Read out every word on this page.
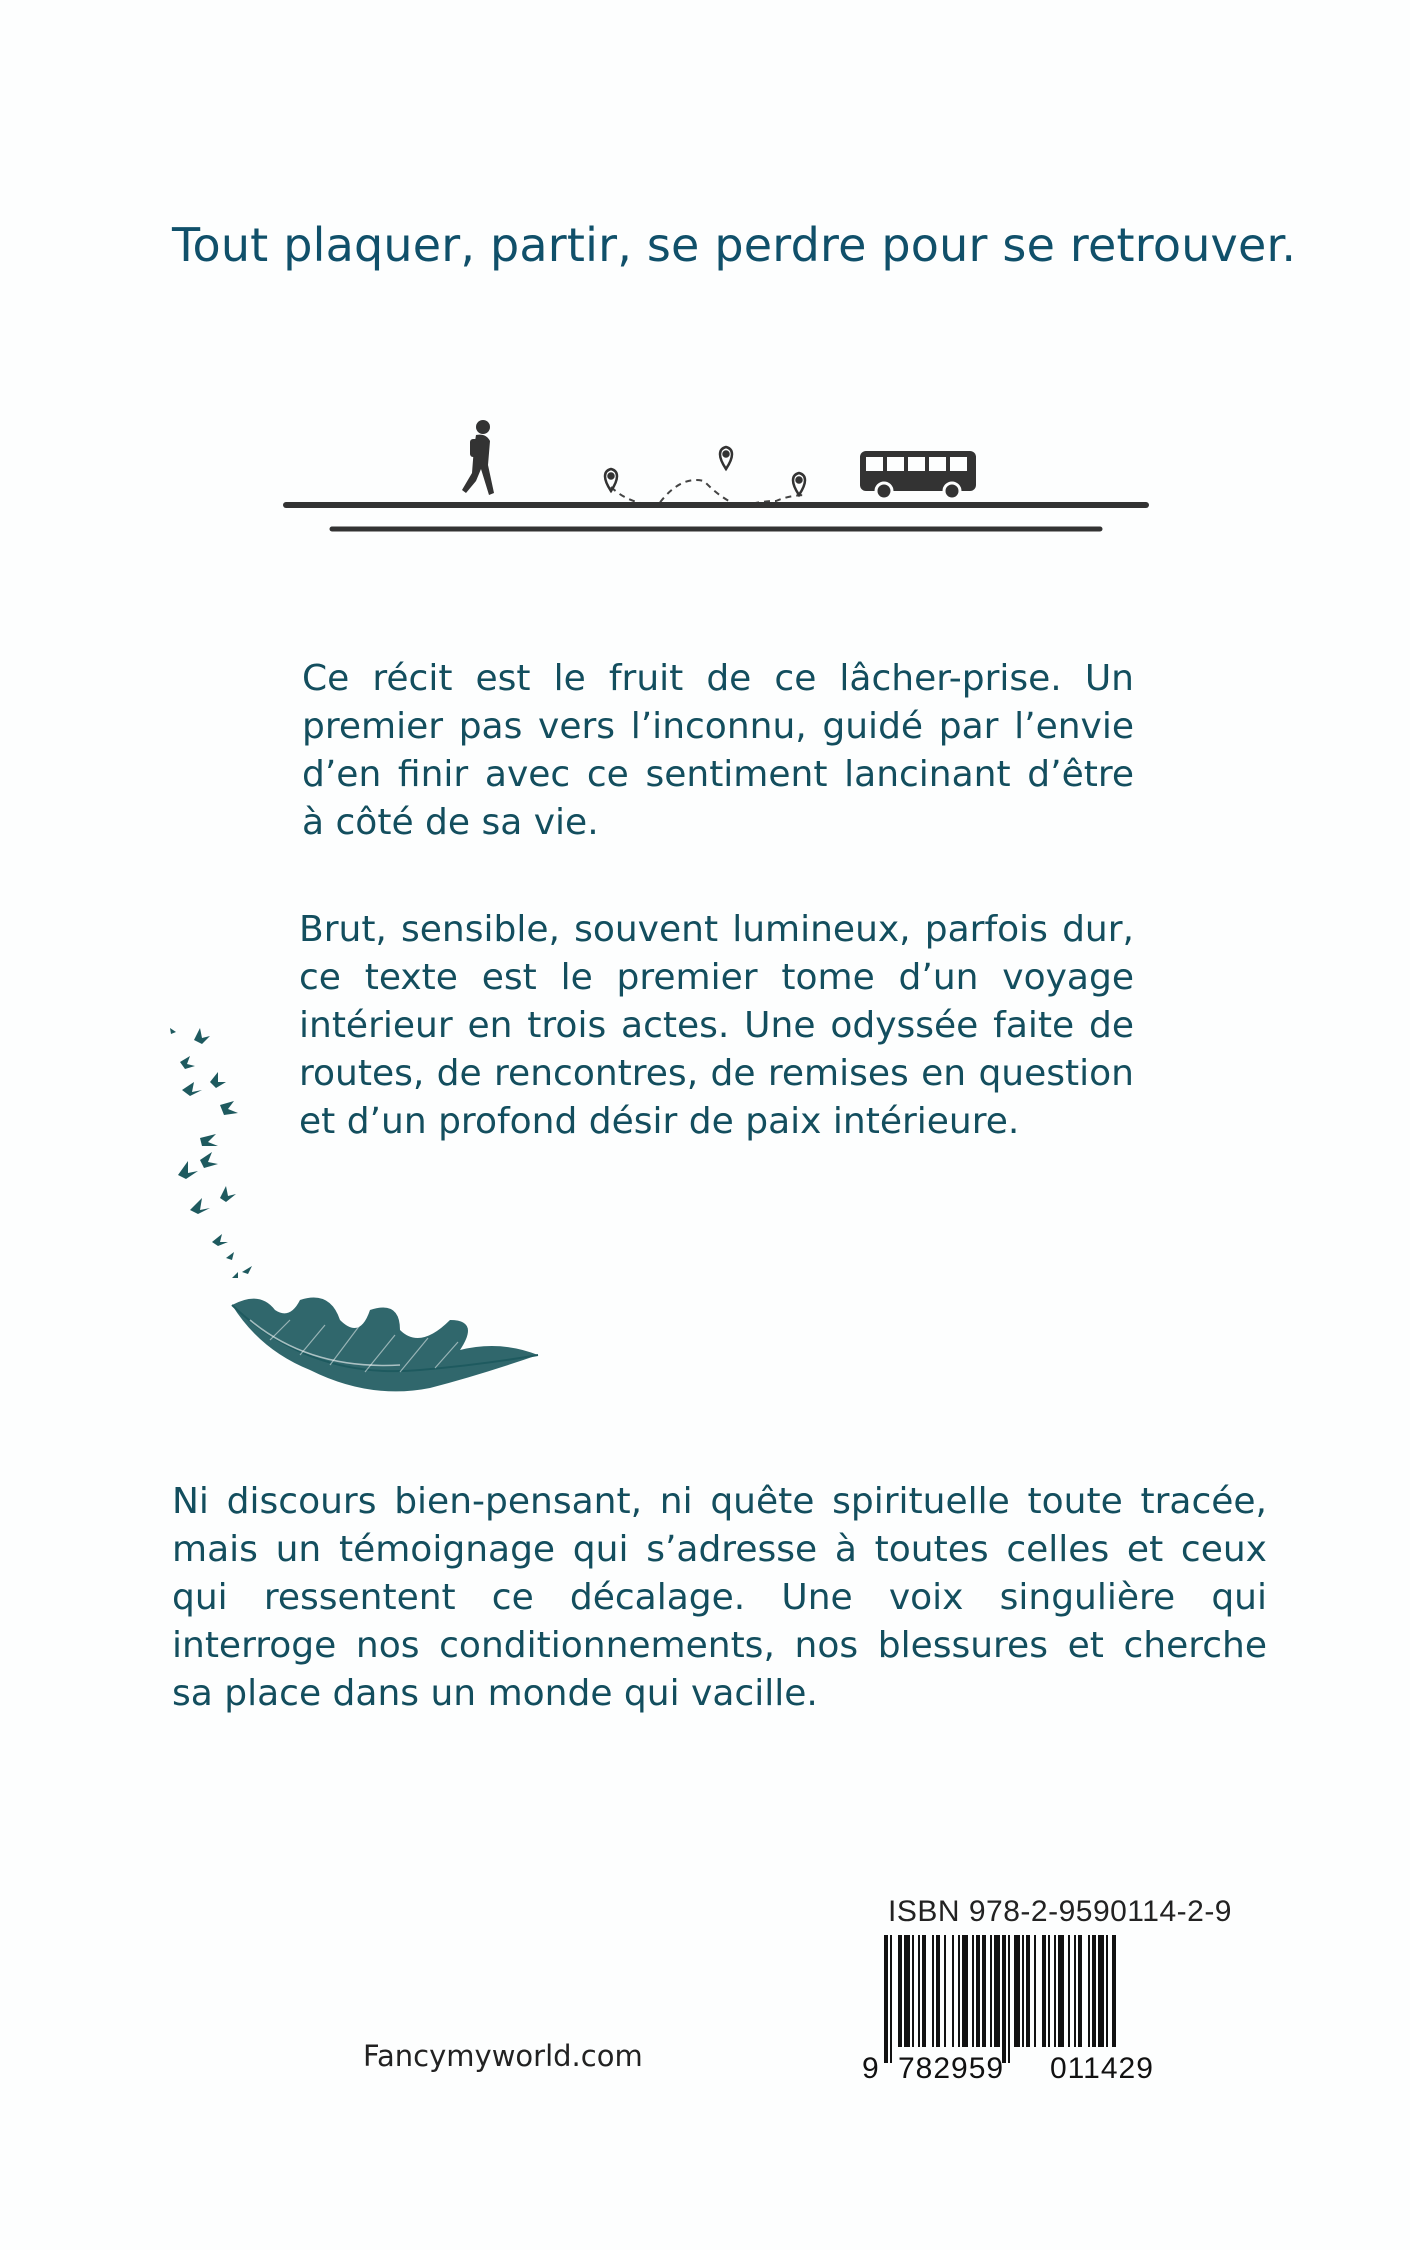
Tout plaquer, partir, se perdre pour se retrouver.

Ce récit est le fruit de ce lâcher-prise. Un premier pas vers l’inconnu, guidé par l’envie d’en finir avec ce sentiment lancinant d’être à côté de sa vie.

Brut, sensible, souvent lumineux, parfois dur, ce texte est le premier tome d’un voyage intérieur en trois actes. Une odyssée faite de routes, de rencontres, de remises en question et d’un profond désir de paix intérieure.

Ni discours bien-pensant, ni quête spirituelle toute tracée, mais un témoignage qui s’adresse à toutes celles et ceux qui ressentent ce décalage. Une voix singulière qui interroge nos conditionnements, nos blessures et cherche sa place dans un monde qui vacille.

ISBN 978-2-9590114-2-9
9 782959 011429
Fancymyworld.com
